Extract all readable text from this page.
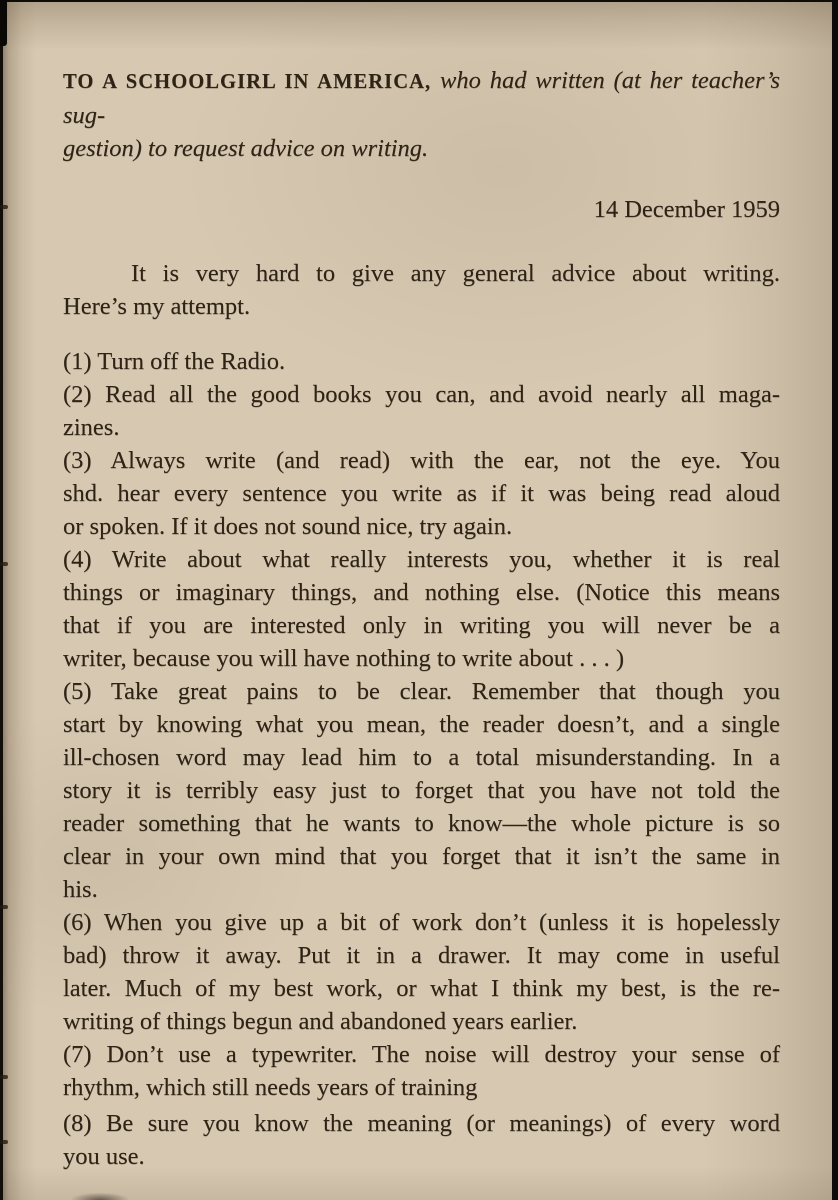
TO A SCHOOLGIRL IN AMERICA, who had written (at her teacher’s sug-
gestion) to request advice on writing.
14 December 1959
It is very hard to give any general advice about writing.
Here’s my attempt.
(1) Turn off the Radio.
(2) Read all the good books you can, and avoid nearly all maga-
zines.
(3) Always write (and read) with the ear, not the eye. You
shd. hear every sentence you write as if it was being read aloud
or spoken. If it does not sound nice, try again.
(4) Write about what really interests you, whether it is real
things or imaginary things, and nothing else. (Notice this means
that if you are interested only in writing you will never be a
writer, because you will have nothing to write about . . . )
(5) Take great pains to be clear. Remember that though you
start by knowing what you mean, the reader doesn’t, and a single
ill-chosen word may lead him to a total misunderstanding. In a
story it is terribly easy just to forget that you have not told the
reader something that he wants to know—the whole picture is so
clear in your own mind that you forget that it isn’t the same in
his.
(6) When you give up a bit of work don’t (unless it is hopelessly
bad) throw it away. Put it in a drawer. It may come in useful
later. Much of my best work, or what I think my best, is the re-
writing of things begun and abandoned years earlier.
(7) Don’t use a typewriter. The noise will destroy your sense of
rhythm, which still needs years of training
(8) Be sure you know the meaning (or meanings) of every word
you use.
